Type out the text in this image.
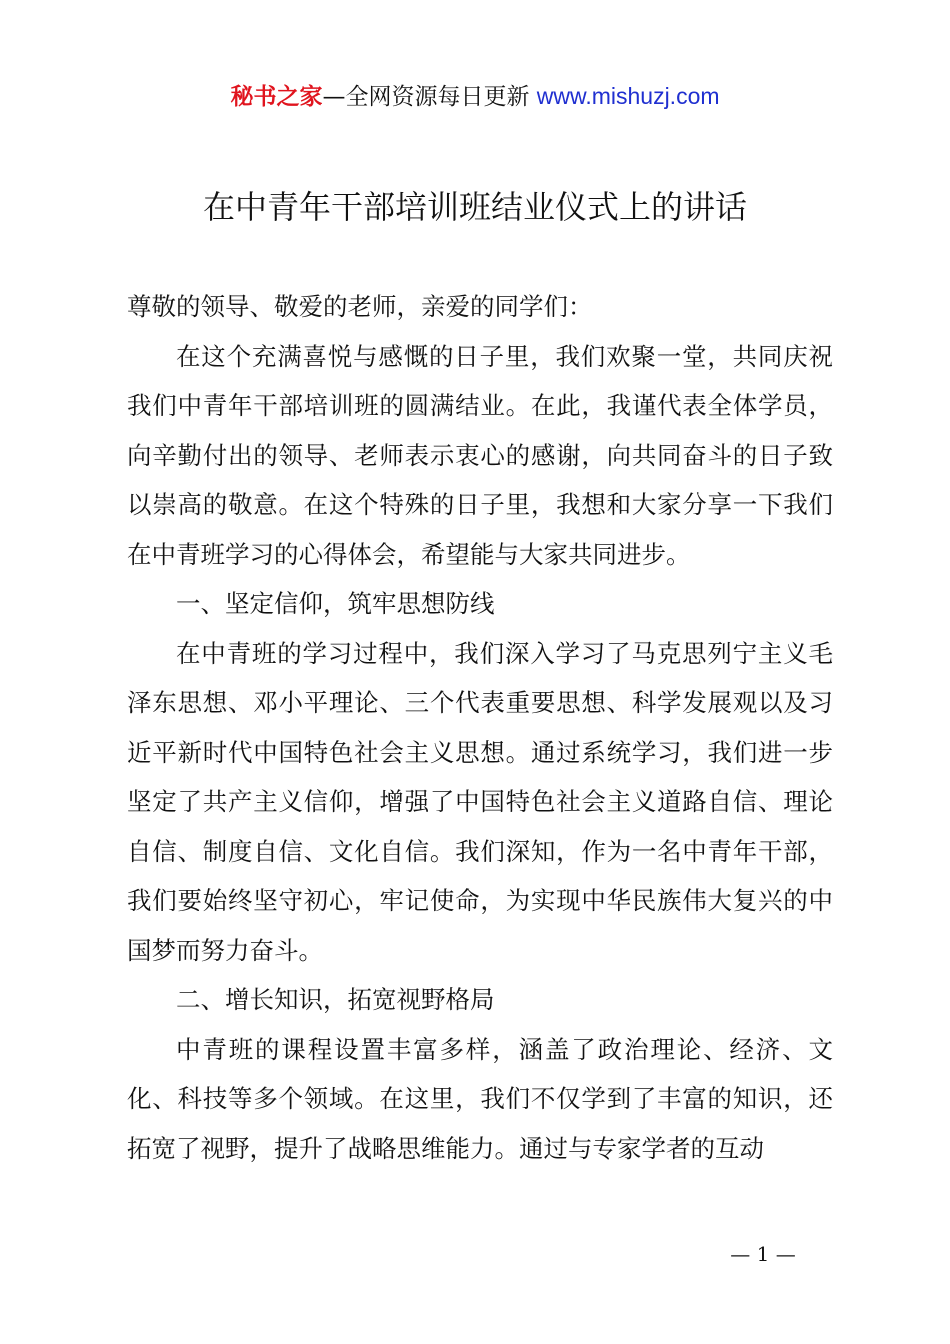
秘书之家—全网资源每日更新 www.mishuzj.com
在中青年干部培训班结业仪式上的讲话

尊敬的领导、敬爱的老师，亲爱的同学们：

在这个充满喜悦与感慨的日子里，我们欢聚一堂，共同庆祝我们中青年干部培训班的圆满结业。在此，我谨代表全体学员，向辛勤付出的领导、老师表示衷心的感谢，向共同奋斗的日子致以崇高的敬意。在这个特殊的日子里，我想和大家分享一下我们在中青班学习的心得体会，希望能与大家共同进步。

一、坚定信仰，筑牢思想防线

在中青班的学习过程中，我们深入学习了马克思列宁主义毛泽东思想、邓小平理论、三个代表重要思想、科学发展观以及习近平新时代中国特色社会主义思想。通过系统学习，我们进一步坚定了共产主义信仰，增强了中国特色社会主义道路自信、理论自信、制度自信、文化自信。我们深知，作为一名中青年干部，我们要始终坚守初心，牢记使命，为实现中华民族伟大复兴的中国梦而努力奋斗。

二、增长知识，拓宽视野格局

中青班的课程设置丰富多样，涵盖了政治理论、经济、文化、科技等多个领域。在这里，我们不仅学到了丰富的知识，还拓宽了视野，提升了战略思维能力。通过与专家学者的互动

— 1 —
